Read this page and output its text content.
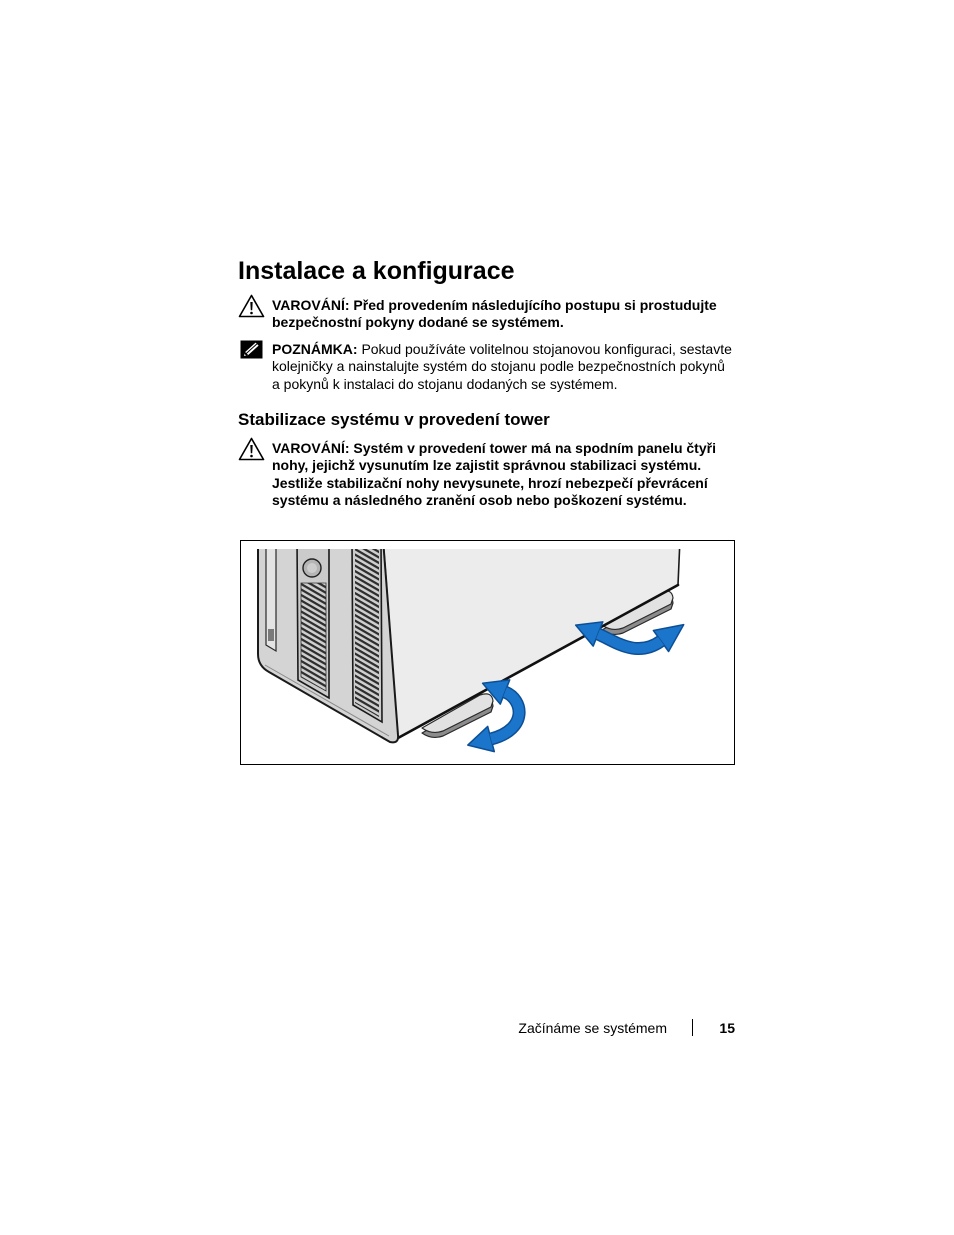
Instalace a konfigurace
VAROVÁNÍ: Před provedením následujícího postupu si prostudujte
bezpečnostní pokyny dodané se systémem.
POZNÁMKA: Pokud používáte volitelnou stojanovou konfiguraci, sestavte
kolejničky a nainstalujte systém do stojanu podle bezpečnostních pokynů
a pokynů k instalaci do stojanu dodaných se systémem.
Stabilizace systému v provedení tower
VAROVÁNÍ: Systém v provedení tower má na spodním panelu čtyři
nohy, jejichž vysunutím lze zajistit správnou stabilizaci systému.
Jestliže stabilizační nohy nevysunete, hrozí nebezpečí převrácení
systému a následného zranění osob nebo poškození systému.
Začínáme se systémem	15
